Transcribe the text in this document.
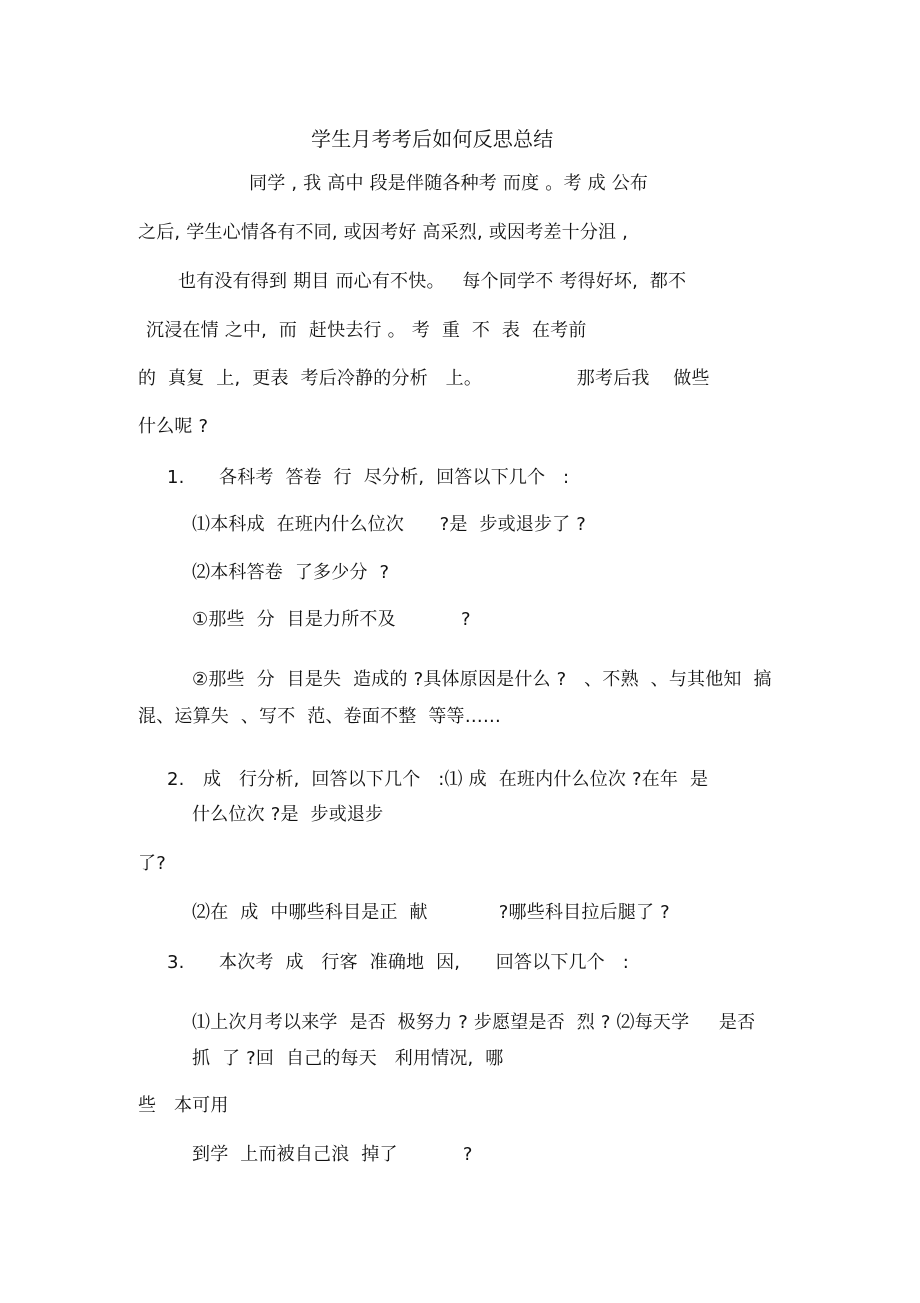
学生月考考后如何反思总结
同学 , 我 高中 段是伴随各种考 而度 。考 成 公布
之后, 学生心情各有不同, 或因考好 高采烈, 或因考差十分沮 ,
也有没有得到 期目 而心有不快。   每个同学不 考得好坏,  都不
沉浸在情 之中,  而  赶快去行 。 考  重  不  表  在考前
的  真复  上,  更表  考后冷静的分析   上。                那考后我    做些
什么呢 ?
1. 各科考  答卷  行  尽分析,  回答以下几个   :
⑴本科成  在班内什么位次      ?是  步或退步了 ?
⑵本科答卷  了多少分  ?
①那些  分  目是力所不及           ?
②那些  分  目是失  造成的 ?具体原因是什么 ?   、不熟  、与其他知  搞
混、运算失  、写不  范、卷面不整  等等……
2. 成   行分析,  回答以下几个   :⑴ 成  在班内什么位次 ?在年  是
什么位次 ?是  步或退步
了?
⑵在  成  中哪些科目是正  献            ?哪些科目拉后腿了 ?
3. 本次考  成   行客  准确地  因,      回答以下几个   :
⑴上次月考以来学  是否  极努力 ? 步愿望是否  烈 ? ⑵每天学     是否
抓  了 ?回  自己的每天   利用情况,  哪
些   本可用
到学  上而被自己浪  掉了           ?
